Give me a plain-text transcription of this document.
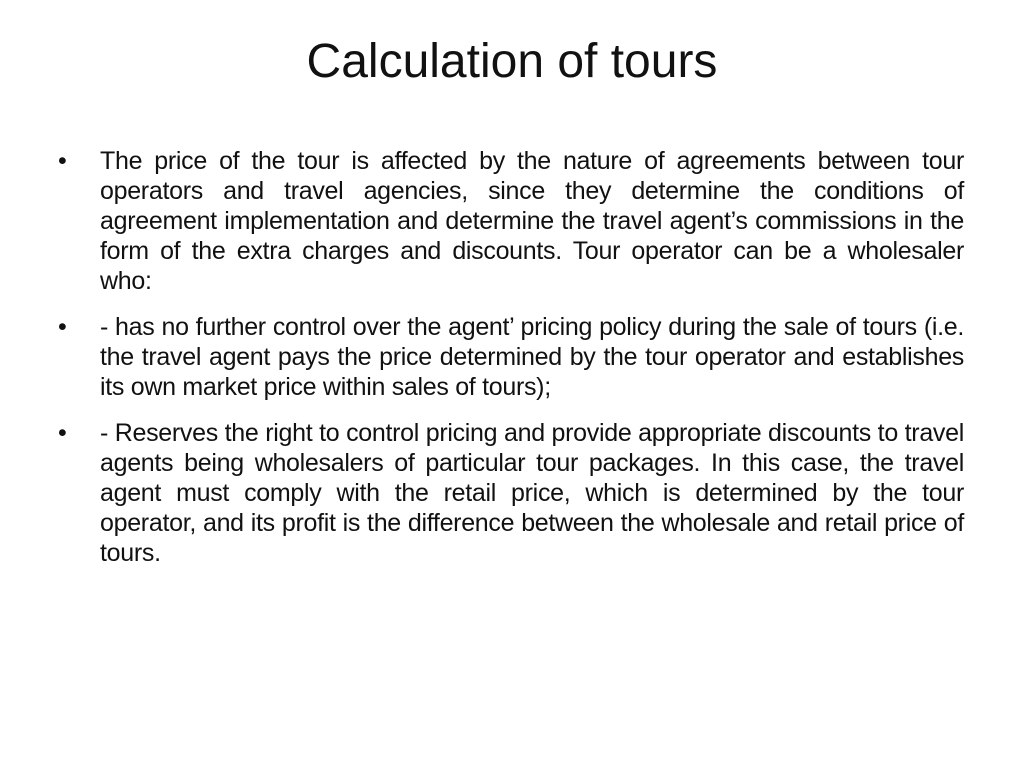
Calculation of tours
• The price of the tour is affected by the nature of agreements between tour operators and travel agencies, since they determine the conditions of agreement implementation and determine the travel agent’s commissions in the form of the extra charges and discounts. Tour operator can be a wholesaler who:
• - has no further control over the agent’ pricing policy during the sale of tours (i.e. the travel agent pays the price determined by the tour operator and establishes its own market price within sales of tours);
• - Reserves the right to control pricing and provide appropriate discounts to travel agents being wholesalers of particular tour packages. In this case, the travel agent must comply with the retail price, which is determined by the tour operator, and its profit is the difference between the wholesale and retail price of tours.
